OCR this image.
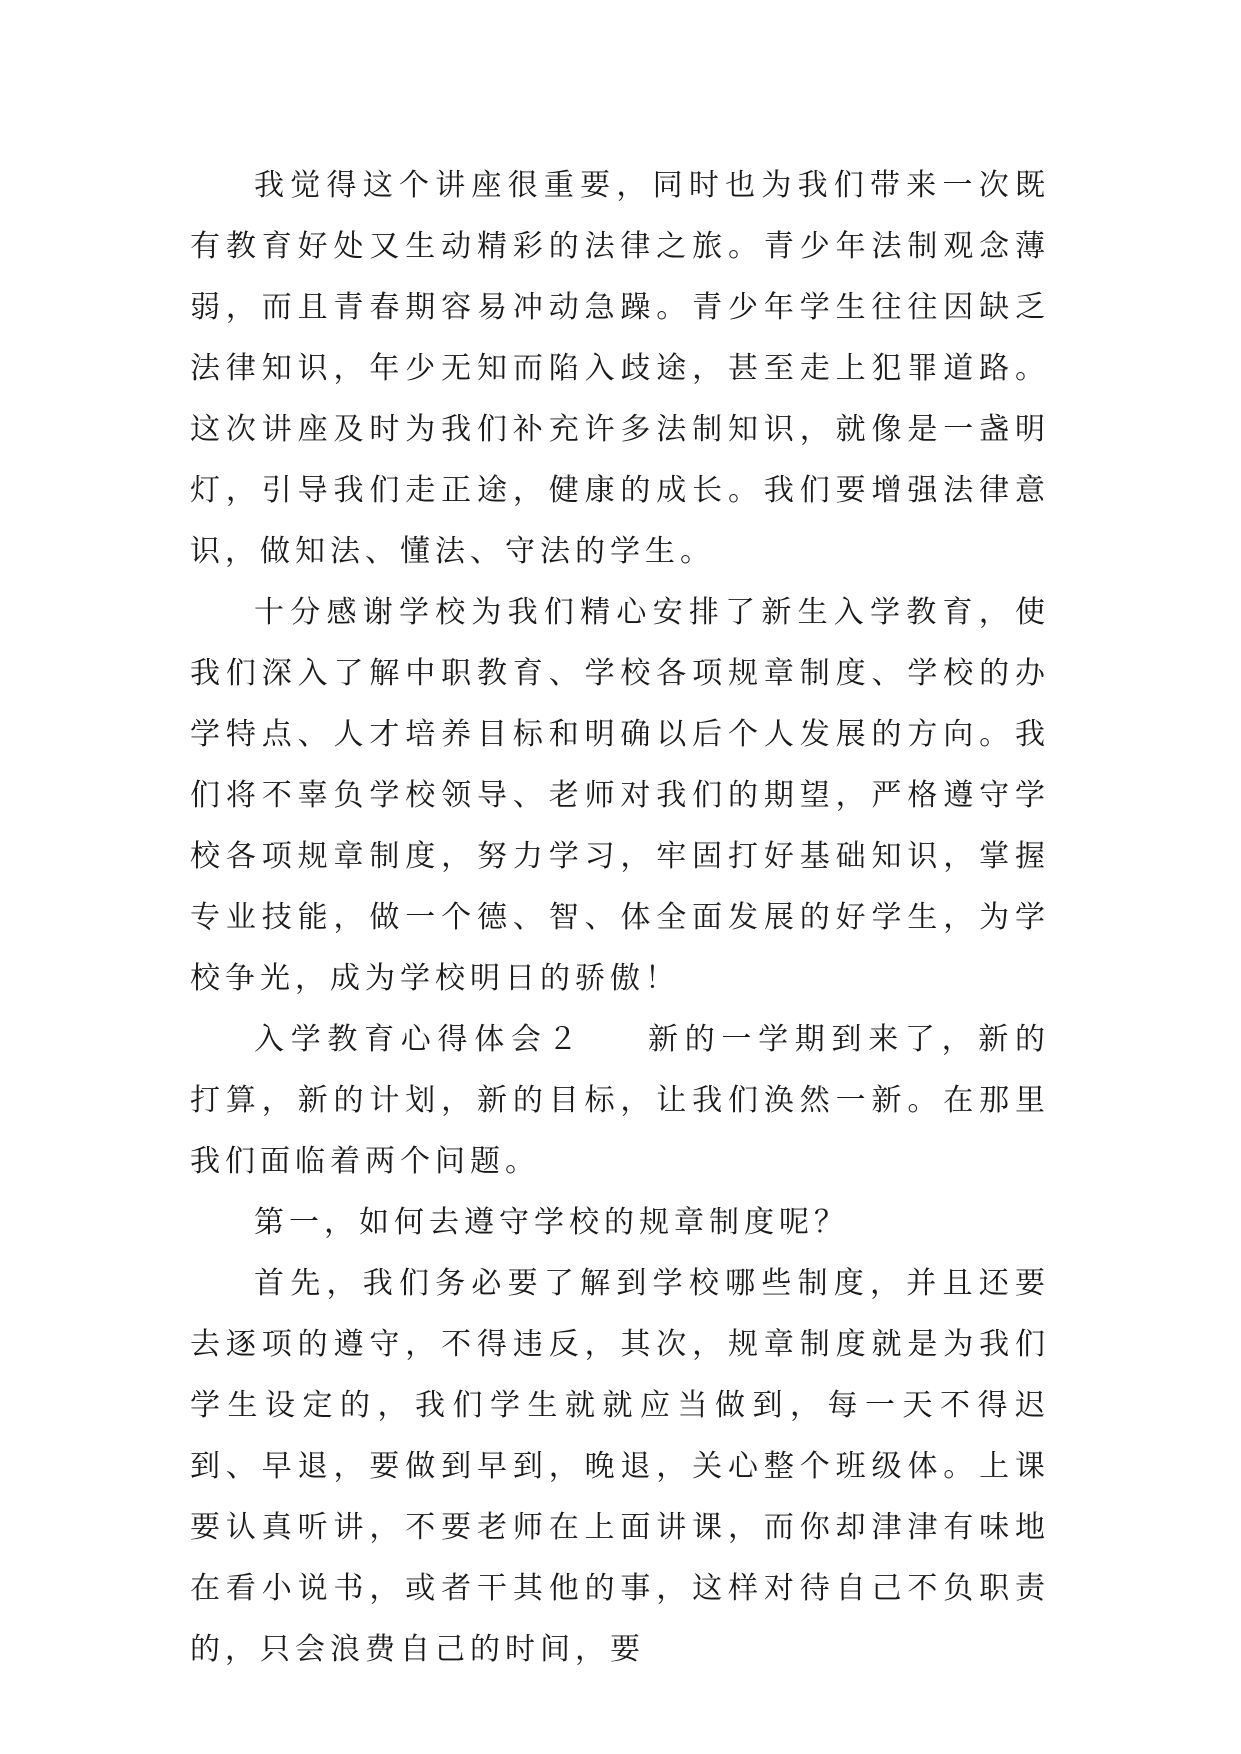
我觉得这个讲座很重要，同时也为我们带来一次既有教育好处又生动精彩的法律之旅。青少年法制观念薄弱，而且青春期容易冲动急躁。青少年学生往往因缺乏法律知识，年少无知而陷入歧途，甚至走上犯罪道路。这次讲座及时为我们补充许多法制知识，就像是一盏明灯，引导我们走正途，健康的成长。我们要增强法律意识，做知法、懂法、守法的学生。

十分感谢学校为我们精心安排了新生入学教育，使我们深入了解中职教育、学校各项规章制度、学校的办学特点、人才培养目标和明确以后个人发展的方向。我们将不辜负学校领导、老师对我们的期望，严格遵守学校各项规章制度，努力学习，牢固打好基础知识，掌握专业技能，做一个德、智、体全面发展的好学生，为学校争光，成为学校明日的骄傲！

入学教育心得体会２ 新的一学期到来了，新的打算，新的计划，新的目标，让我们涣然一新。在那里我们面临着两个问题。

第一，如何去遵守学校的规章制度呢？

首先，我们务必要了解到学校哪些制度，并且还要去逐项的遵守，不得违反，其次，规章制度就是为我们学生设定的，我们学生就就应当做到，每一天不得迟到、早退，要做到早到，晚退，关心整个班级体。上课要认真听讲，不要老师在上面讲课，而你却津津有味地在看小说书，或者干其他的事，这样对待自己不负职责的，只会浪费自己的时间，要
